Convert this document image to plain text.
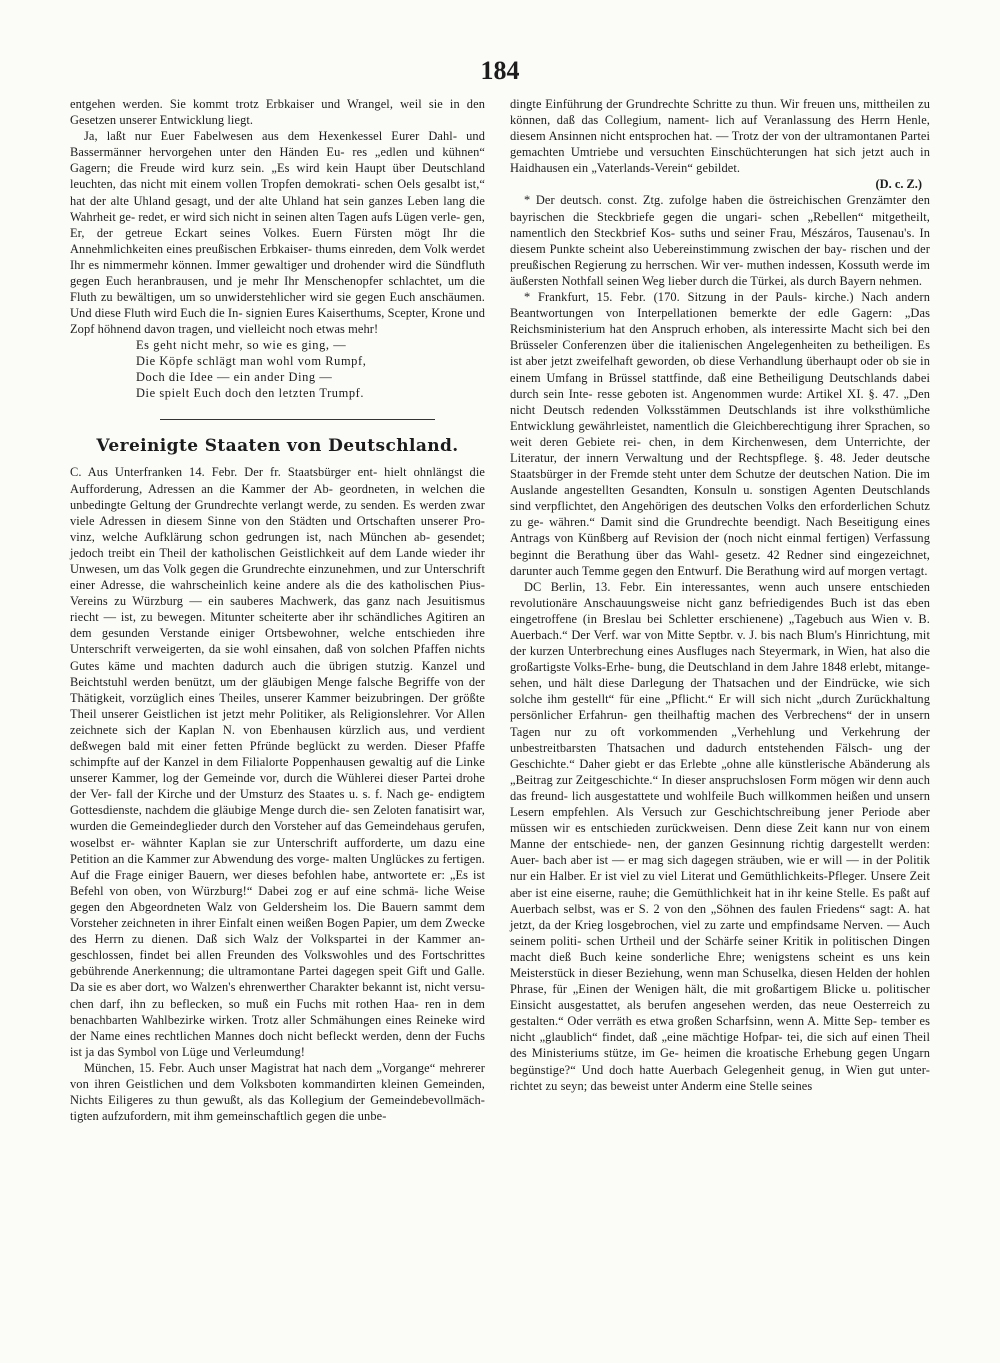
184

entgehen werden. Sie kommt trotz Erbkaiser und Wrangel, weil sie in den Gesetzen unserer Entwicklung liegt.

Ja, laßt nur Euer Fabelwesen aus dem Hexenkessel Eurer Dahl- und Bassermänner hervorgehen unter den Händen Eu- res „edlen und kühnen“ Gagern; die Freude wird kurz sein. „Es wird kein Haupt über Deutschland leuchten, das nicht mit einem vollen Tropfen demokrati- schen Oels gesalbt ist,“ hat der alte Uhland gesagt, und der alte Uhland hat sein ganzes Leben lang die Wahrheit ge- redet, er wird sich nicht in seinen alten Tagen aufs Lügen verle- gen, Er, der getreue Eckart seines Volkes. Euern Fürsten mögt Ihr die Annehmlichkeiten eines preußischen Erbkaiser- thums einreden, dem Volk werdet Ihr es nimmermehr können. Immer gewaltiger und drohender wird die Sündfluth gegen Euch heranbrausen, und je mehr Ihr Menschenopfer schlachtet, um die Fluth zu bewältigen, um so unwiderstehlicher wird sie gegen Euch anschäumen. Und diese Fluth wird Euch die In- signien Eures Kaiserthums, Scepter, Krone und Zopf höhnend davon tragen, und vielleicht noch etwas mehr!

Es geht nicht mehr, so wie es ging, —

Die Köpfe schlägt man wohl vom Rumpf,

Doch die Idee — ein ander Ding —

Die spielt Euch doch den letzten Trumpf.

Vereinigte Staaten von Deutschland.

C. Aus Unterfranken 14. Febr. Der fr. Staatsbürger ent- hielt ohnlängst die Aufforderung, Adressen an die Kammer der Ab- geordneten, in welchen die unbedingte Geltung der Grundrechte verlangt werde, zu senden. Es werden zwar viele Adressen in diesem Sinne von den Städten und Ortschaften unserer Pro- vinz, welche Aufklärung schon gedrungen ist, nach München ab- gesendet; jedoch treibt ein Theil der katholischen Geistlichkeit auf dem Lande wieder ihr Unwesen, um das Volk gegen die Grundrechte einzunehmen, und zur Unterschrift einer Adresse, die wahrscheinlich keine andere als die des katholischen Pius- Vereins zu Würzburg — ein sauberes Machwerk, das ganz nach Jesuitismus riecht — ist, zu bewegen. Mitunter scheiterte aber ihr schändliches Agitiren an dem gesunden Verstande einiger Ortsbewohner, welche entschieden ihre Unterschrift verweigerten, da sie wohl einsahen, daß von solchen Pfaffen nichts Gutes käme und machten dadurch auch die übrigen stutzig. Kanzel und Beichtstuhl werden benützt, um der gläubigen Menge falsche Begriffe von der Thätigkeit, vorzüglich eines Theiles, unserer Kammer beizubringen. Der größte Theil unserer Geistlichen ist jetzt mehr Politiker, als Religionslehrer. Vor Allen zeichnete sich der Kaplan N. von Ebenhausen kürzlich aus, und verdient deßwegen bald mit einer fetten Pfründe beglückt zu werden. Dieser Pfaffe schimpfte auf der Kanzel in dem Filialorte Poppenhausen gewaltig auf die Linke unserer Kammer, log der Gemeinde vor, durch die Wühlerei dieser Partei drohe der Ver- fall der Kirche und der Umsturz des Staates u. s. f. Nach ge- endigtem Gottesdienste, nachdem die gläubige Menge durch die- sen Zeloten fanatisirt war, wurden die Gemeindeglieder durch den Vorsteher auf das Gemeindehaus gerufen, woselbst er- wähnter Kaplan sie zur Unterschrift aufforderte, um dazu eine Petition an die Kammer zur Abwendung des vorge- malten Unglückes zu fertigen. Auf die Frage einiger Bauern, wer dieses befohlen habe, antwortete er: „Es ist Befehl von oben, von Würzburg!“ Dabei zog er auf eine schmä- liche Weise gegen den Abgeordneten Walz von Geldersheim los. Die Bauern sammt dem Vorsteher zeichneten in ihrer Einfalt einen weißen Bogen Papier, um dem Zwecke des Herrn zu dienen. Daß sich Walz der Volkspartei in der Kammer an- geschlossen, findet bei allen Freunden des Volkswohles und des Fortschrittes gebührende Anerkennung; die ultramontane Partei dagegen speit Gift und Galle. Da sie es aber dort, wo Walzen's ehrenwerther Charakter bekannt ist, nicht versu- chen darf, ihn zu beflecken, so muß ein Fuchs mit rothen Haa- ren in dem benachbarten Wahlbezirke wirken. Trotz aller Schmähungen eines Reineke wird der Name eines rechtlichen Mannes doch nicht befleckt werden, denn der Fuchs ist ja das Symbol von Lüge und Verleumdung!

München, 15. Febr. Auch unser Magistrat hat nach dem „Vorgange“ mehrerer von ihren Geistlichen und dem Volksboten kommandirten kleinen Gemeinden, Nichts Eiligeres zu thun gewußt, als das Kollegium der Gemeindebevollmäch- tigten aufzufordern, mit ihm gemeinschaftlich gegen die unbe-

dingte Einführung der Grundrechte Schritte zu thun. Wir freuen uns, mittheilen zu können, daß das Collegium, nament- lich auf Veranlassung des Herrn Henle, diesem Ansinnen nicht entsprochen hat. — Trotz der von der ultramontanen Partei gemachten Umtriebe und versuchten Einschüchterungen hat sich jetzt auch in Haidhausen ein „Vaterlands-Verein“ gebildet.

(D. c. Z.)

* Der deutsch. const. Ztg. zufolge haben die östreichischen Grenzämter den bayrischen die Steckbriefe gegen die ungari- schen „Rebellen“ mitgetheilt, namentlich den Steckbrief Kos- suths und seiner Frau, Mészáros, Tausenau's. In diesem Punkte scheint also Uebereinstimmung zwischen der bay- rischen und der preußischen Regierung zu herrschen. Wir ver- muthen indessen, Kossuth werde im äußersten Nothfall seinen Weg lieber durch die Türkei, als durch Bayern nehmen.

* Frankfurt, 15. Febr. (170. Sitzung in der Pauls- kirche.) Nach andern Beantwortungen von Interpellationen bemerkte der edle Gagern: „Das Reichsministerium hat den Anspruch erhoben, als interessirte Macht sich bei den Brüsseler Conferenzen über die italienischen Angelegenheiten zu betheiligen. Es ist aber jetzt zweifelhaft geworden, ob diese Verhandlung überhaupt oder ob sie in einem Umfang in Brüssel stattfinde, daß eine Betheiligung Deutschlands dabei durch sein Inte- resse geboten ist. Angenommen wurde: Artikel XI. §. 47. „Den nicht Deutsch redenden Volksstämmen Deutschlands ist ihre volksthümliche Entwicklung gewährleistet, namentlich die Gleichberechtigung ihrer Sprachen, so weit deren Gebiete rei- chen, in dem Kirchenwesen, dem Unterrichte, der Literatur, der innern Verwaltung und der Rechtspflege. §. 48. Jeder deutsche Staatsbürger in der Fremde steht unter dem Schutze der deutschen Nation. Die im Auslande angestellten Gesandten, Konsuln u. sonstigen Agenten Deutschlands sind verpflichtet, den Angehörigen des deutschen Volks den erforderlichen Schutz zu ge- währen.“ Damit sind die Grundrechte beendigt. Nach Beseitigung eines Antrags von Künßberg auf Revision der (noch nicht einmal fertigen) Verfassung beginnt die Berathung über das Wahl- gesetz. 42 Redner sind eingezeichnet, darunter auch Temme gegen den Entwurf. Die Berathung wird auf morgen vertagt.

DC Berlin, 13. Febr. Ein interessantes, wenn auch unsere entschieden revolutionäre Anschauungsweise nicht ganz befriedigendes Buch ist das eben eingetroffene (in Breslau bei Schletter erschienene) „Tagebuch aus Wien v. B. Auerbach.“ Der Verf. war von Mitte Septbr. v. J. bis nach Blum's Hinrichtung, mit der kurzen Unterbrechung eines Ausfluges nach Steyermark, in Wien, hat also die großartigste Volks-Erhe- bung, die Deutschland in dem Jahre 1848 erlebt, mitange- sehen, und hält diese Darlegung der Thatsachen und der Eindrücke, wie sich solche ihm gestellt“ für eine „Pflicht.“ Er will sich nicht „durch Zurückhaltung persönlicher Erfahrun- gen theilhaftig machen des Verbrechens“ der in unsern Tagen nur zu oft vorkommenden „Verhehlung und Verkehrung der unbestreitbarsten Thatsachen und dadurch entstehenden Fälsch- ung der Geschichte.“ Daher giebt er das Erlebte „ohne alle künstlerische Abänderung als „Beitrag zur Zeitgeschichte.“ In dieser anspruchslosen Form mögen wir denn auch das freund- lich ausgestattete und wohlfeile Buch willkommen heißen und unsern Lesern empfehlen. Als Versuch zur Geschichtschreibung jener Periode aber müssen wir es entschieden zurückweisen. Denn diese Zeit kann nur von einem Manne der entschiede- nen, der ganzen Gesinnung richtig dargestellt werden: Auer- bach aber ist — er mag sich dagegen sträuben, wie er will — in der Politik nur ein Halber. Er ist viel zu viel Literat und Gemüthlichkeits-Pfleger. Unsere Zeit aber ist eine eiserne, rauhe; die Gemüthlichkeit hat in ihr keine Stelle. Es paßt auf Auerbach selbst, was er S. 2 von den „Söhnen des faulen Friedens“ sagt: A. hat jetzt, da der Krieg losgebrochen, viel zu zarte und empfindsame Nerven. — Auch seinem politi- schen Urtheil und der Schärfe seiner Kritik in politischen Dingen macht dieß Buch keine sonderliche Ehre; wenigstens scheint es uns kein Meisterstück in dieser Beziehung, wenn man Schuselka, diesen Helden der hohlen Phrase, für „Einen der Wenigen hält, die mit großartigem Blicke u. politischer Einsicht ausgestattet, als berufen angesehen werden, das neue Oesterreich zu gestalten.“ Oder verräth es etwa großen Scharfsinn, wenn A. Mitte Sep- tember es nicht „glaublich“ findet, daß „eine mächtige Hofpar- tei, die sich auf einen Theil des Ministeriums stütze, im Ge- heimen die kroatische Erhebung gegen Ungarn begünstige?“ Und doch hatte Auerbach Gelegenheit genug, in Wien gut unter- richtet zu seyn; das beweist unter Anderm eine Stelle seines
